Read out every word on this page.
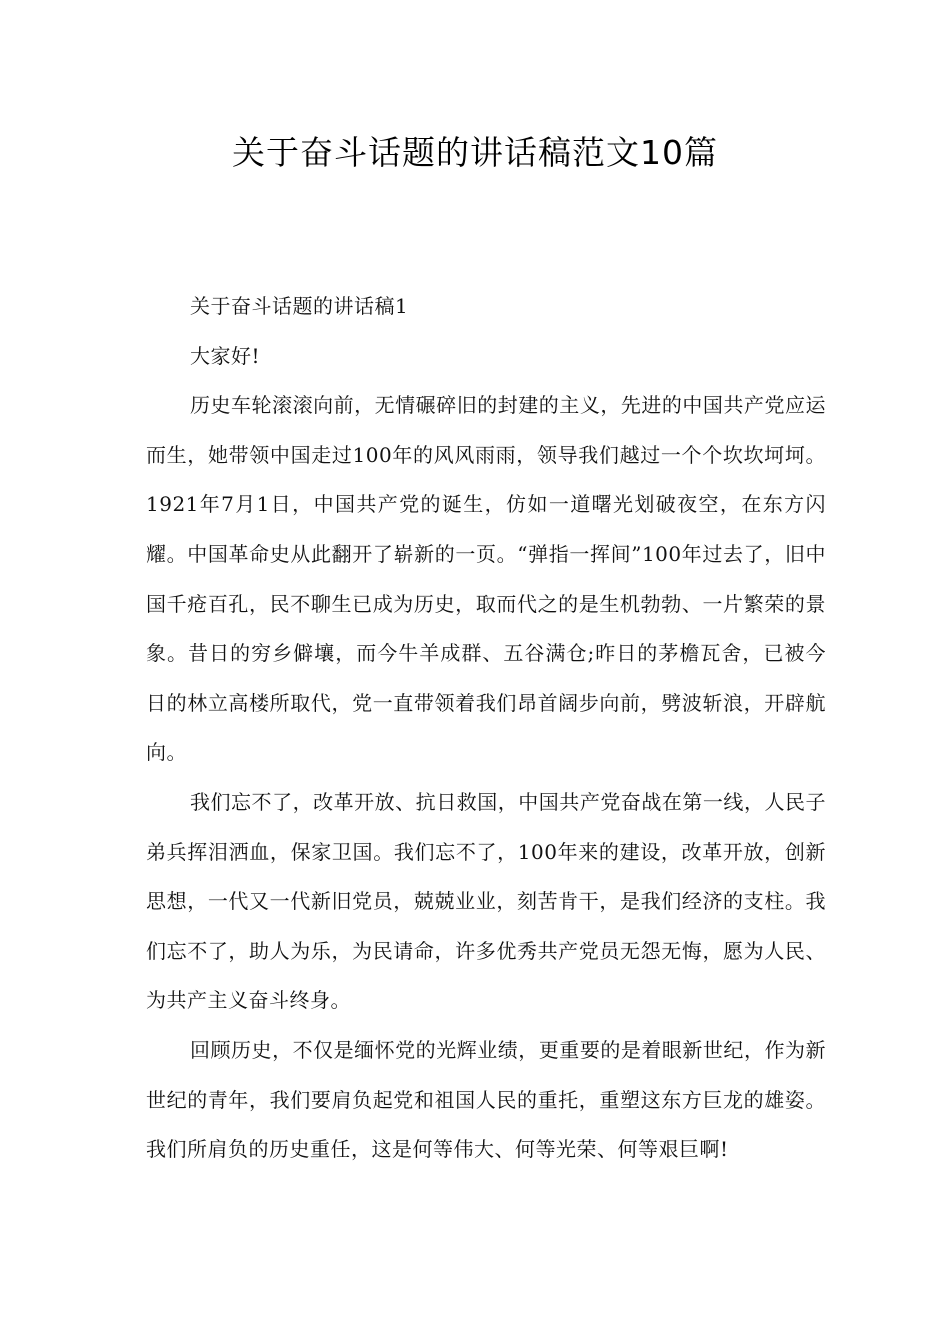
关于奋斗话题的讲话稿范文10篇

关于奋斗话题的讲话稿1

大家好!

历史车轮滚滚向前，无情碾碎旧的封建的主义，先进的中国共产党应运而生，她带领中国走过100年的风风雨雨，领导我们越过一个个坎坎坷坷。1921年7月1日，中国共产党的诞生，仿如一道曙光划破夜空，在东方闪耀。中国革命史从此翻开了崭新的一页。“弹指一挥间”100年过去了，旧中国千疮百孔，民不聊生已成为历史，取而代之的是生机勃勃、一片繁荣的景象。昔日的穷乡僻壤，而今牛羊成群、五谷满仓;昨日的茅檐瓦舍，已被今日的林立高楼所取代，党一直带领着我们昂首阔步向前，劈波斩浪，开辟航向。

我们忘不了，改革开放、抗日救国，中国共产党奋战在第一线，人民子弟兵挥泪洒血，保家卫国。我们忘不了，100年来的建设，改革开放，创新思想，一代又一代新旧党员，兢兢业业，刻苦肯干，是我们经济的支柱。我们忘不了，助人为乐，为民请命，许多优秀共产党员无怨无悔，愿为人民、为共产主义奋斗终身。

回顾历史，不仅是缅怀党的光辉业绩，更重要的是着眼新世纪，作为新世纪的青年，我们要肩负起党和祖国人民的重托，重塑这东方巨龙的雄姿。我们所肩负的历史重任，这是何等伟大、何等光荣、何等艰巨啊!
